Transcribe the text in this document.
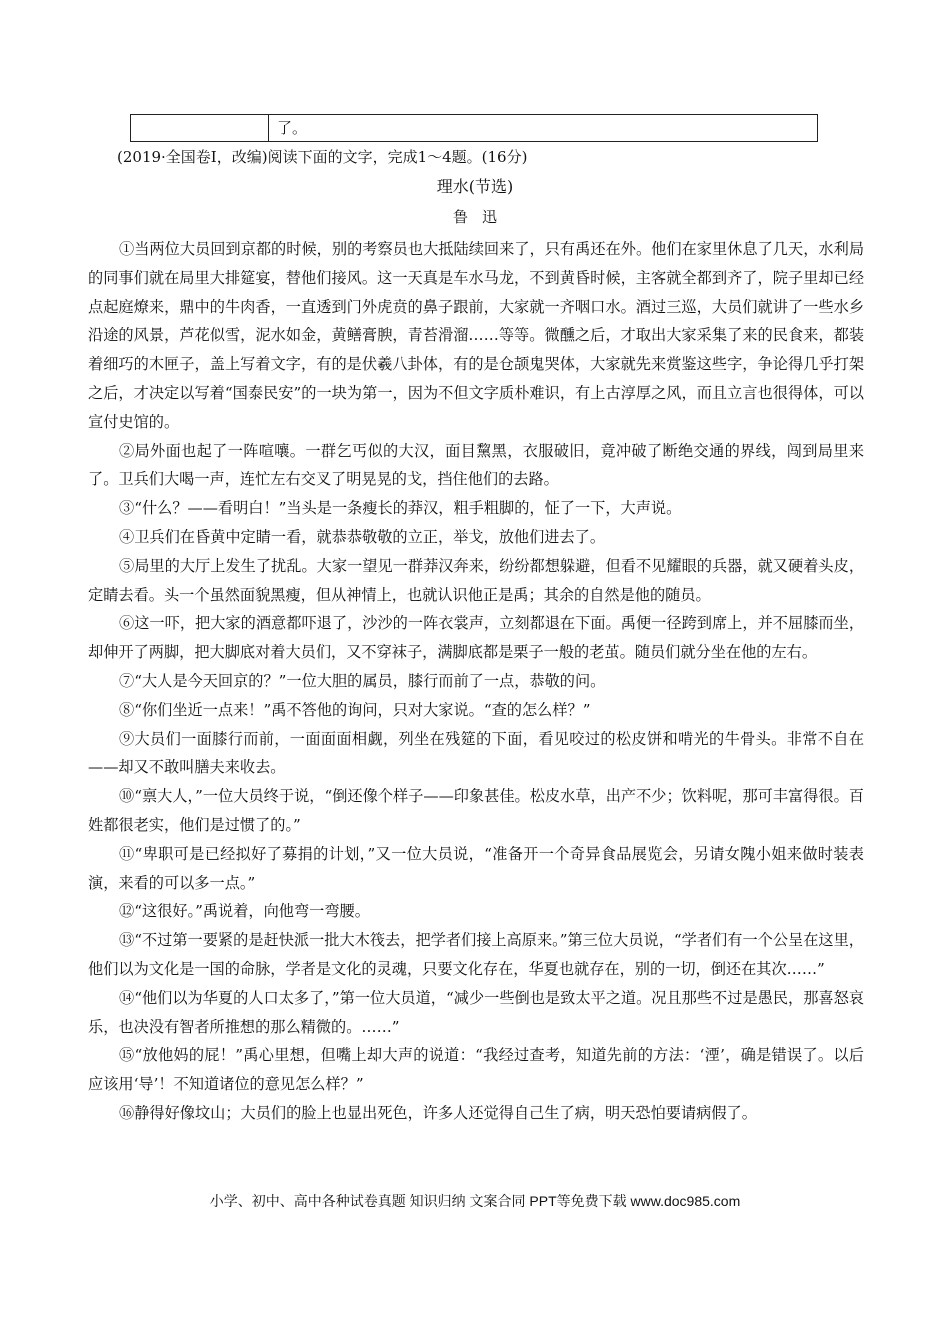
了。
(2019·全国卷Ⅰ，改编)阅读下面的文字，完成1～4题。(16分)
理水(节选)
鲁迅

①当两位大员回到京都的时候，别的考察员也大抵陆续回来了，只有禹还在外。他们在家里休息了几天，水利局的同事们就在局里大排筵宴，替他们接风。这一天真是车水马龙，不到黄昏时候，主客就全都到齐了，院子里却已经点起庭燎来，鼎中的牛肉香，一直透到门外虎贲的鼻子跟前，大家就一齐咽口水。酒过三巡，大员们就讲了一些水乡沿途的风景，芦花似雪，泥水如金，黄鳝膏腴，青苔滑溜……等等。微醺之后，才取出大家采集了来的民食来，都装着细巧的木匣子，盖上写着文字，有的是伏羲八卦体，有的是仓颉鬼哭体，大家就先来赏鉴这些字，争论得几乎打架之后，才决定以写着“国泰民安”的一块为第一，因为不但文字质朴难识，有上古淳厚之风，而且立言也很得体，可以宣付史馆的。

②局外面也起了一阵喧嚷。一群乞丐似的大汉，面目黧黑，衣服破旧，竟冲破了断绝交通的界线，闯到局里来了。卫兵们大喝一声，连忙左右交叉了明晃晃的戈，挡住他们的去路。

③“什么？——看明白！”当头是一条瘦长的莽汉，粗手粗脚的，怔了一下，大声说。

④卫兵们在昏黄中定睛一看，就恭恭敬敬的立正，举戈，放他们进去了。

⑤局里的大厅上发生了扰乱。大家一望见一群莽汉奔来，纷纷都想躲避，但看不见耀眼的兵器，就又硬着头皮，定睛去看。头一个虽然面貌黑瘦，但从神情上，也就认识他正是禹；其余的自然是他的随员。

⑥这一吓，把大家的酒意都吓退了，沙沙的一阵衣裳声，立刻都退在下面。禹便一径跨到席上，并不屈膝而坐，却伸开了两脚，把大脚底对着大员们，又不穿袜子，满脚底都是栗子一般的老茧。随员们就分坐在他的左右。

⑦“大人是今天回京的？”一位大胆的属员，膝行而前了一点，恭敬的问。

⑧“你们坐近一点来！”禹不答他的询问，只对大家说。“查的怎么样？”

⑨大员们一面膝行而前，一面面面相觑，列坐在残筵的下面，看见咬过的松皮饼和啃光的牛骨头。非常不自在——却又不敢叫膳夫来收去。

⑩“禀大人，”一位大员终于说，“倒还像个样子——印象甚佳。松皮水草，出产不少；饮料呢，那可丰富得很。百姓都很老实，他们是过惯了的。”

⑪“卑职可是已经拟好了募捐的计划，”又一位大员说，“准备开一个奇异食品展览会，另请女隗小姐来做时装表演，来看的可以多一点。”

⑫“这很好。”禹说着，向他弯一弯腰。

⑬“不过第一要紧的是赶快派一批大木筏去，把学者们接上高原来。”第三位大员说，“学者们有一个公呈在这里，他们以为文化是一国的命脉，学者是文化的灵魂，只要文化存在，华夏也就存在，别的一切，倒还在其次……”

⑭“他们以为华夏的人口太多了，”第一位大员道，“减少一些倒也是致太平之道。况且那些不过是愚民，那喜怒哀乐，也决没有智者所推想的那么精微的。……”

⑮“放他妈的屁！”禹心里想，但嘴上却大声的说道：“我经过查考，知道先前的方法：‘湮’，确是错误了。以后应该用‘导’！不知道诸位的意见怎么样？”

⑯静得好像坟山；大员们的脸上也显出死色，许多人还觉得自己生了病，明天恐怕要请病假了。

小学、初中、高中各种试卷真题 知识归纳 文案合同 PPT等免费下载 www.doc985.com
